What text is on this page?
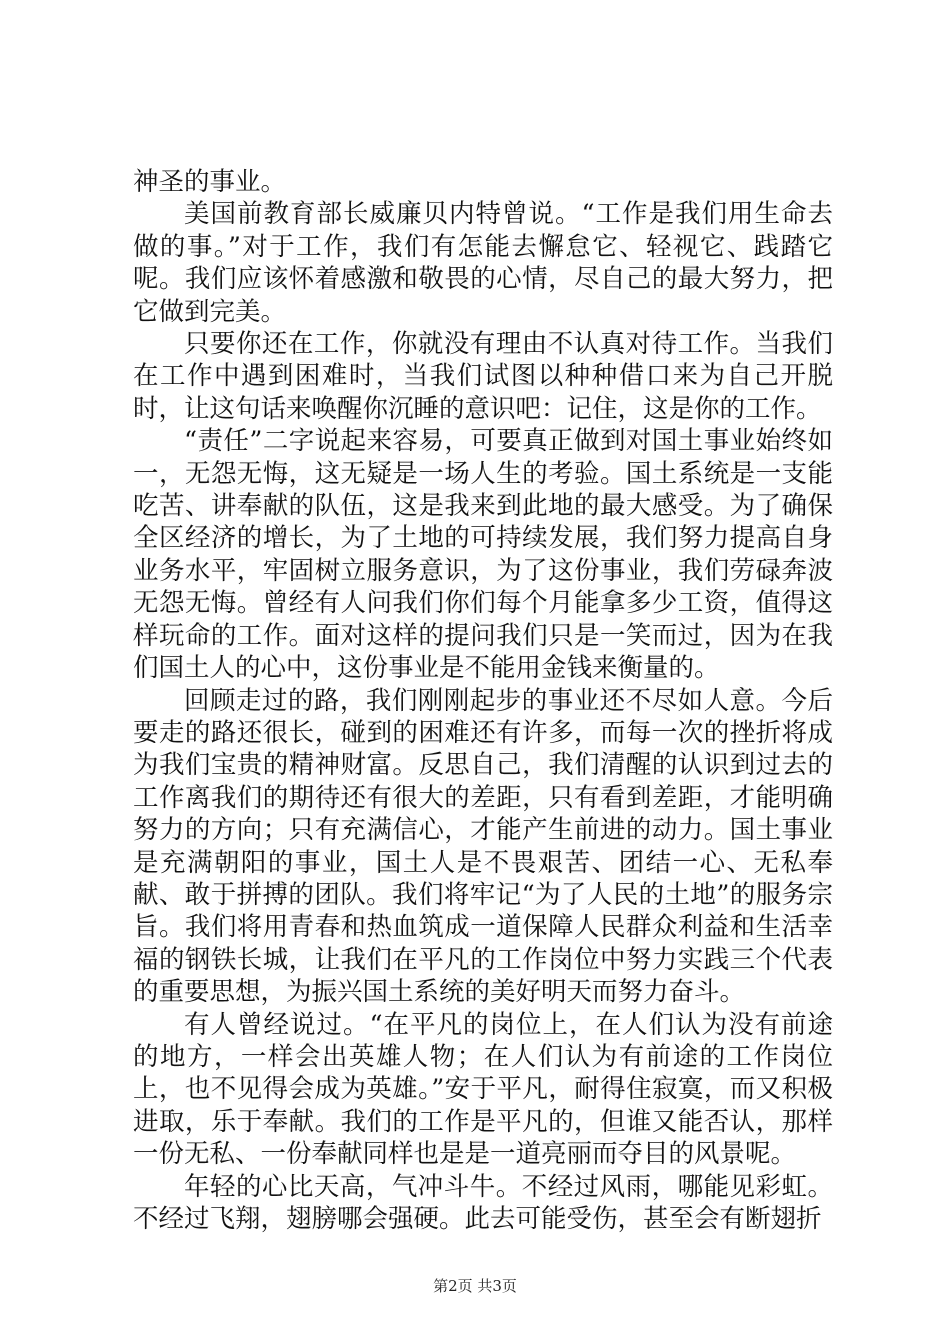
神圣的事业。

美国前教育部长威廉贝内特曾说。“工作是我们用生命去做的事。”对于工作，我们有怎能去懈怠它、轻视它、践踏它呢。我们应该怀着感激和敬畏的心情，尽自己的最大努力，把它做到完美。

只要你还在工作，你就没有理由不认真对待工作。当我们在工作中遇到困难时，当我们试图以种种借口来为自己开脱时，让这句话来唤醒你沉睡的意识吧：记住，这是你的工作。

“责任”二字说起来容易，可要真正做到对国土事业始终如一，无怨无悔，这无疑是一场人生的考验。国土系统是一支能吃苦、讲奉献的队伍，这是我来到此地的最大感受。为了确保全区经济的增长，为了土地的可持续发展，我们努力提高自身业务水平，牢固树立服务意识，为了这份事业，我们劳碌奔波无怨无悔。曾经有人问我们你们每个月能拿多少工资，值得这样玩命的工作。面对这样的提问我们只是一笑而过，因为在我们国土人的心中，这份事业是不能用金钱来衡量的。

回顾走过的路，我们刚刚起步的事业还不尽如人意。今后要走的路还很长，碰到的困难还有许多，而每一次的挫折将成为我们宝贵的精神财富。反思自己，我们清醒的认识到过去的工作离我们的期待还有很大的差距，只有看到差距，才能明确努力的方向；只有充满信心，才能产生前进的动力。国土事业是充满朝阳的事业，国土人是不畏艰苦、团结一心、无私奉献、敢于拼搏的团队。我们将牢记“为了人民的土地”的服务宗旨。我们将用青春和热血筑成一道保障人民群众利益和生活幸福的钢铁长城，让我们在平凡的工作岗位中努力实践三个代表的重要思想，为振兴国土系统的美好明天而努力奋斗。

有人曾经说过。“在平凡的岗位上，在人们认为没有前途的地方，一样会出英雄人物；在人们认为有前途的工作岗位上，也不见得会成为英雄。”安于平凡，耐得住寂寞，而又积极进取，乐于奉献。我们的工作是平凡的，但谁又能否认，那样一份无私、一份奉献同样也是是一道亮丽而夺目的风景呢。

年轻的心比天高，气冲斗牛。不经过风雨，哪能见彩虹。不经过飞翔，翅膀哪会强硬。此去可能受伤，甚至会有断翅折

第2页 共3页
